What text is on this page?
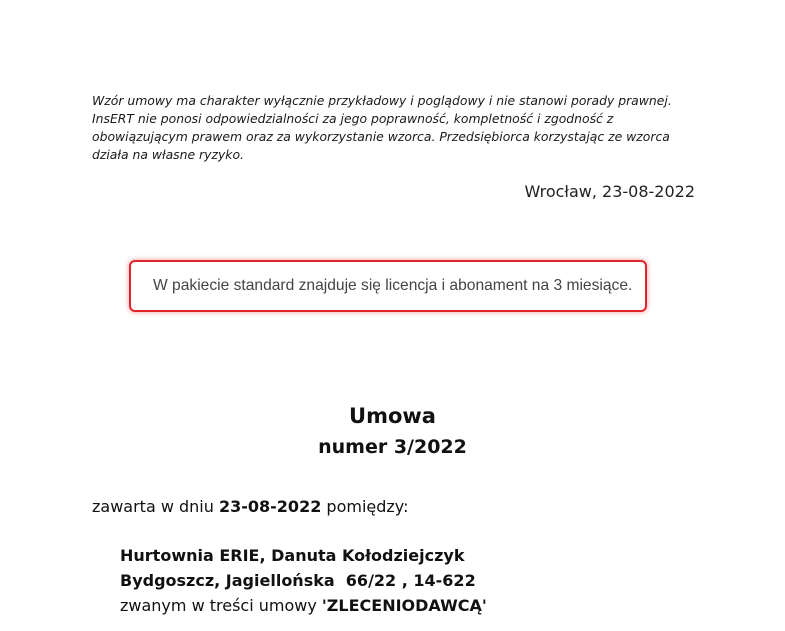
Wzór umowy ma charakter wyłącznie przykładowy i poglądowy i nie stanowi porady prawnej. InsERT nie ponosi odpowiedzialności za jego poprawność, kompletność i zgodność z obowiązującym prawem oraz za wykorzystanie wzorca. Przedsiębiorca korzystając ze wzorca działa na własne ryzyko.
Wrocław, 23-08-2022
W pakiecie standard znajduje się licencja i abonament na 3 miesiące.
Umowa
numer 3/2022
zawarta w dniu 23-08-2022 pomiędzy:
Hurtownia ERIE, Danuta Kołodziejczyk
Bydgoszcz, Jagiellońska  66/22 , 14-622
zwanym w treści umowy 'ZLECENIODAWCĄ'
